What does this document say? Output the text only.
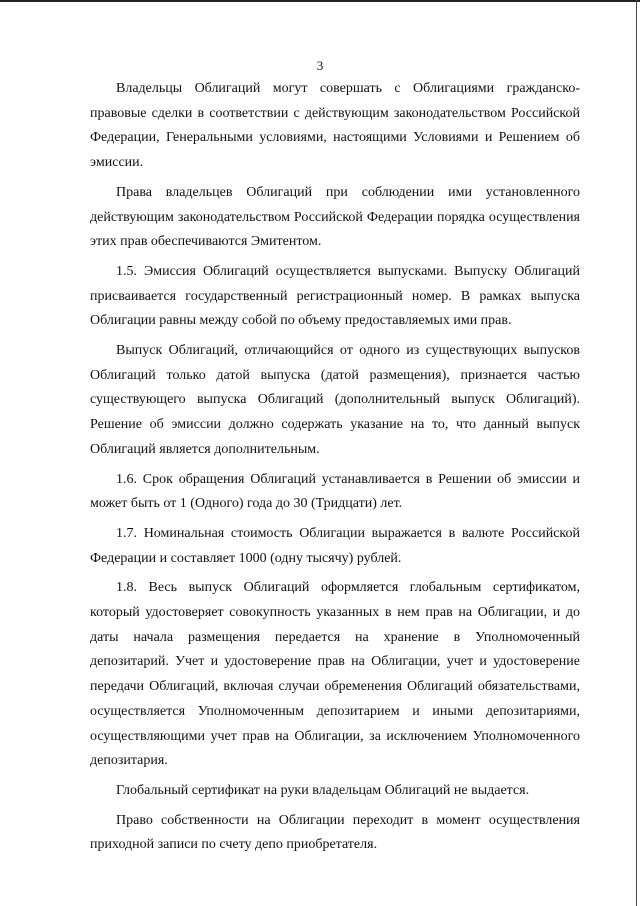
3

Владельцы Облигаций могут совершать с Облигациями гражданско-правовые сделки в соответствии с действующим законодательством Российской Федерации, Генеральными условиями, настоящими Условиями и Решением об эмиссии.

Права владельцев Облигаций при соблюдении ими установленного действующим законодательством Российской Федерации порядка осуществления этих прав обеспечиваются Эмитентом.

1.5. Эмиссия Облигаций осуществляется выпусками. Выпуску Облигаций присваивается государственный регистрационный номер. В рамках выпуска Облигации равны между собой по объему предоставляемых ими прав.

Выпуск Облигаций, отличающийся от одного из существующих выпусков Облигаций только датой выпуска (датой размещения), признается частью существующего выпуска Облигаций (дополнительный выпуск Облигаций). Решение об эмиссии должно содержать указание на то, что данный выпуск Облигаций является дополнительным.

1.6. Срок обращения Облигаций устанавливается в Решении об эмиссии и может быть от 1 (Одного) года до 30 (Тридцати) лет.

1.7. Номинальная стоимость Облигации выражается в валюте Российской Федерации и составляет 1000 (одну тысячу) рублей.

1.8. Весь выпуск Облигаций оформляется глобальным сертификатом, который удостоверяет совокупность указанных в нем прав на Облигации, и до даты начала размещения передается на хранение в Уполномоченный депозитарий. Учет и удостоверение прав на Облигации, учет и удостоверение передачи Облигаций, включая случаи обременения Облигаций обязательствами, осуществляется Уполномоченным депозитарием и иными депозитариями, осуществляющими учет прав на Облигации, за исключением Уполномоченного депозитария.

Глобальный сертификат на руки владельцам Облигаций не выдается.

Право собственности на Облигации переходит в момент осуществления приходной записи по счету депо приобретателя.
